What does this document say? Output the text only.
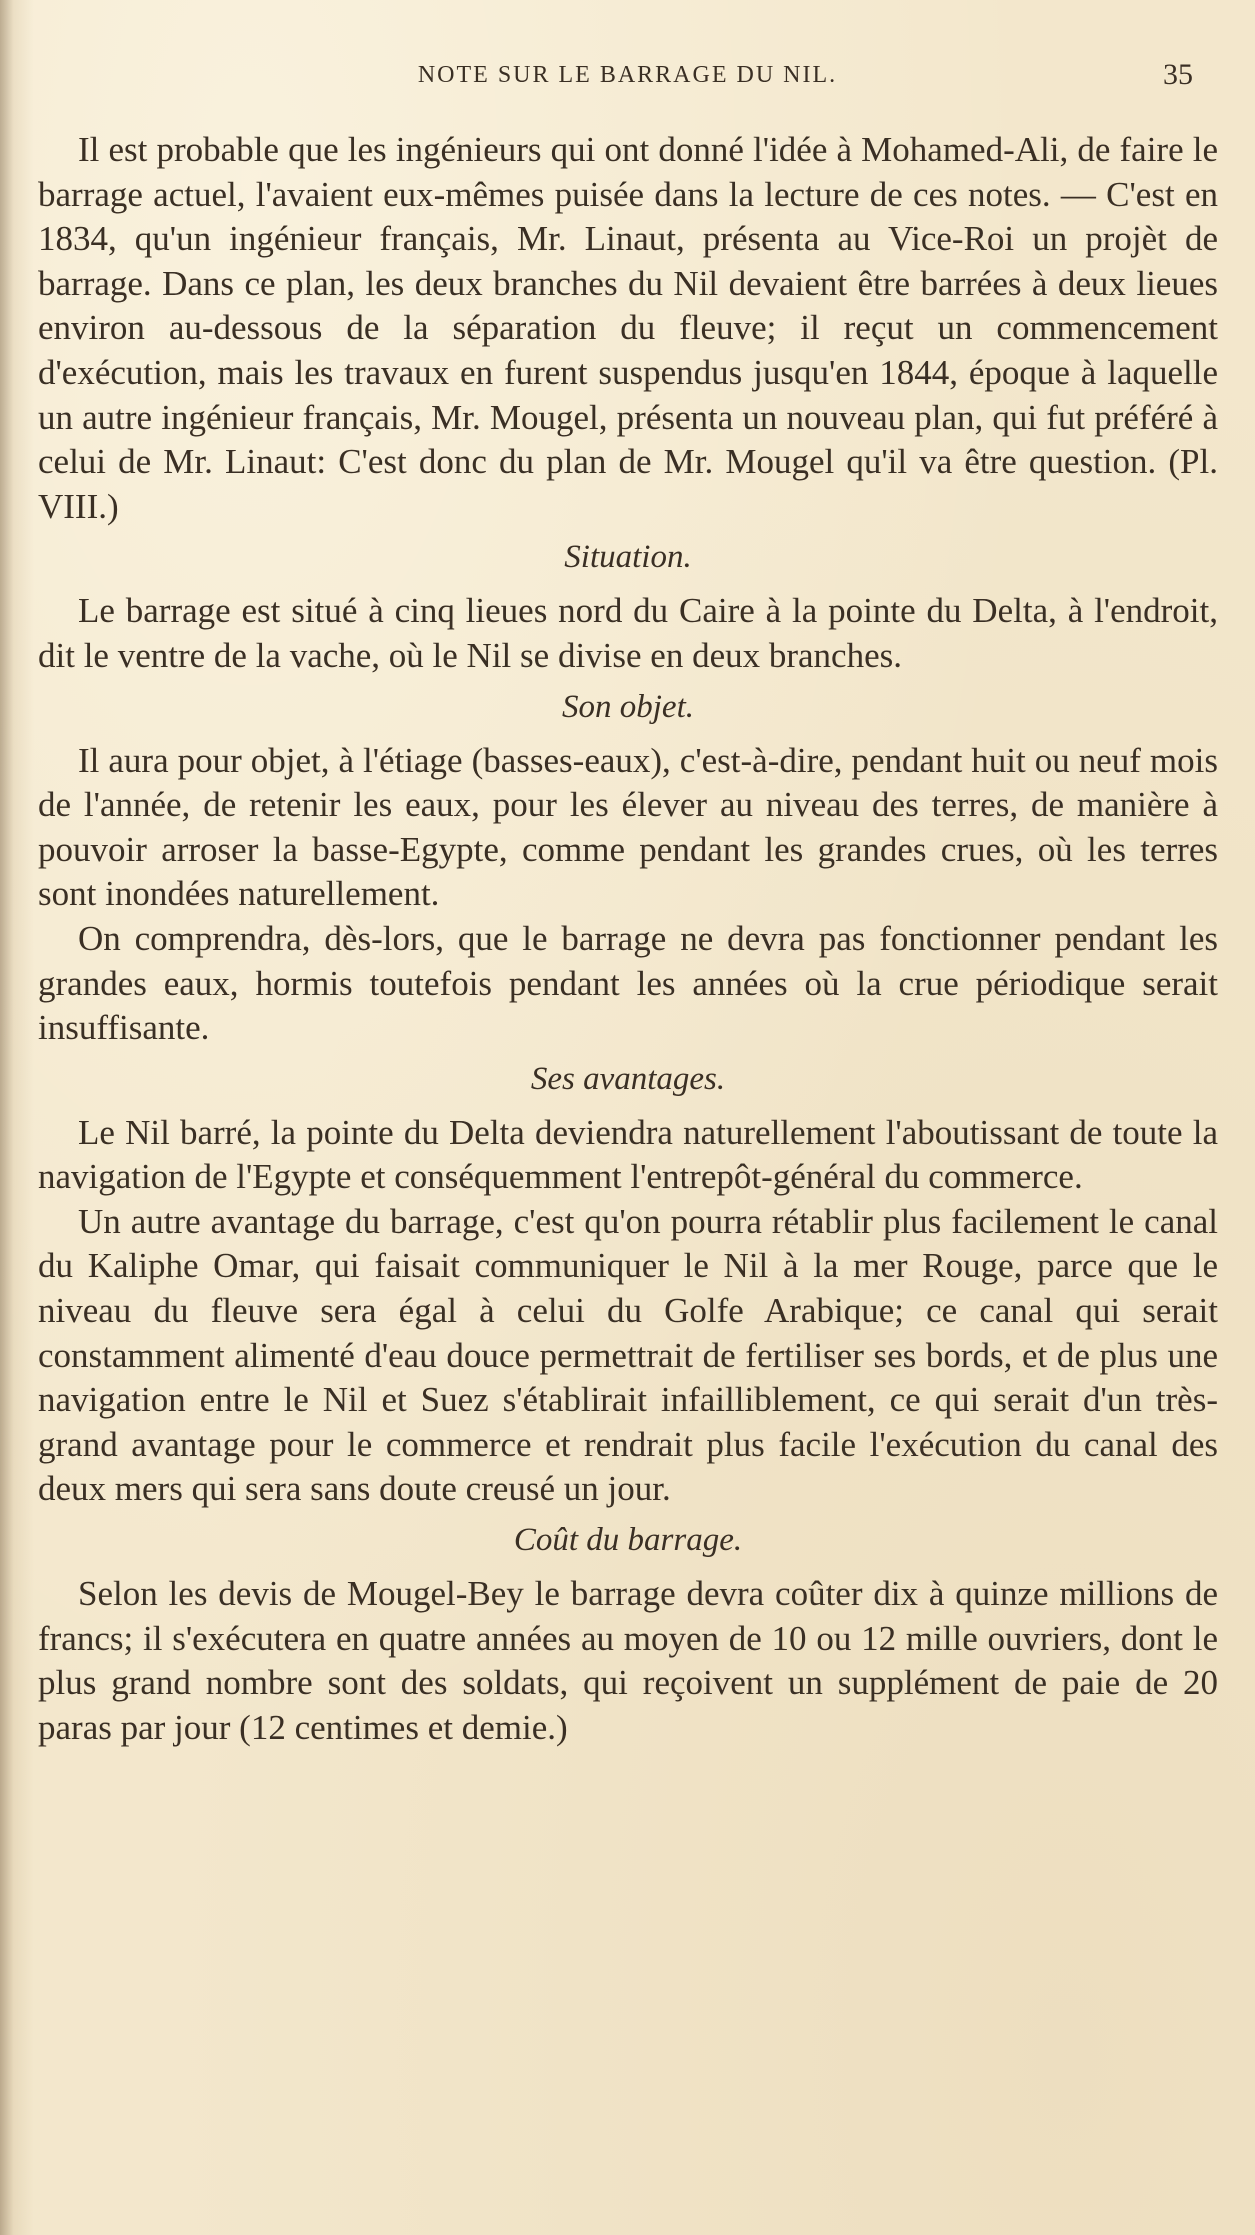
NOTE SUR LE BARRAGE DU NIL.	35

Il est probable que les ingénieurs qui ont donné l'idée à Mohamed-Ali, de faire le barrage actuel, l'avaient eux-mêmes puisée dans la lecture de ces notes. — C'est en 1834, qu'un ingénieur français, Mr. Linaut, présenta au Vice-Roi un projèt de barrage. Dans ce plan, les deux branches du Nil devaient être barrées à deux lieues environ au-dessous de la séparation du fleuve; il reçut un commencement d'exécution, mais les travaux en furent suspendus jusqu'en 1844, époque à laquelle un autre ingénieur français, Mr. Mougel, présenta un nouveau plan, qui fut préféré à celui de Mr. Linaut: C'est donc du plan de Mr. Mougel qu'il va être question. (Pl. VIII.)

Situation.

Le barrage est situé à cinq lieues nord du Caire à la pointe du Delta, à l'endroit, dit le ventre de la vache, où le Nil se divise en deux branches.

Son objet.

Il aura pour objet, à l'étiage (basses-eaux), c'est-à-dire, pendant huit ou neuf mois de l'année, de retenir les eaux, pour les élever au niveau des terres, de manière à pouvoir arroser la basse-Egypte, comme pendant les grandes crues, où les terres sont inondées naturellement.

On comprendra, dès-lors, que le barrage ne devra pas fonctionner pendant les grandes eaux, hormis toutefois pendant les années où la crue périodique serait insuffisante.

Ses avantages.

Le Nil barré, la pointe du Delta deviendra naturellement l'aboutissant de toute la navigation de l'Egypte et conséquemment l'entrepôt-général du commerce.

Un autre avantage du barrage, c'est qu'on pourra rétablir plus facilement le canal du Kaliphe Omar, qui faisait communiquer le Nil à la mer Rouge, parce que le niveau du fleuve sera égal à celui du Golfe Arabique; ce canal qui serait constamment alimenté d'eau douce permettrait de fertiliser ses bords, et de plus une navigation entre le Nil et Suez s'établirait infailliblement, ce qui serait d'un très-grand avantage pour le commerce et rendrait plus facile l'exécution du canal des deux mers qui sera sans doute creusé un jour.

Coût du barrage.

Selon les devis de Mougel-Bey le barrage devra coûter dix à quinze millions de francs; il s'exécutera en quatre années au moyen de 10 ou 12 mille ouvriers, dont le plus grand nombre sont des soldats, qui reçoivent un supplément de paie de 20 paras par jour (12 centimes et demie.)
